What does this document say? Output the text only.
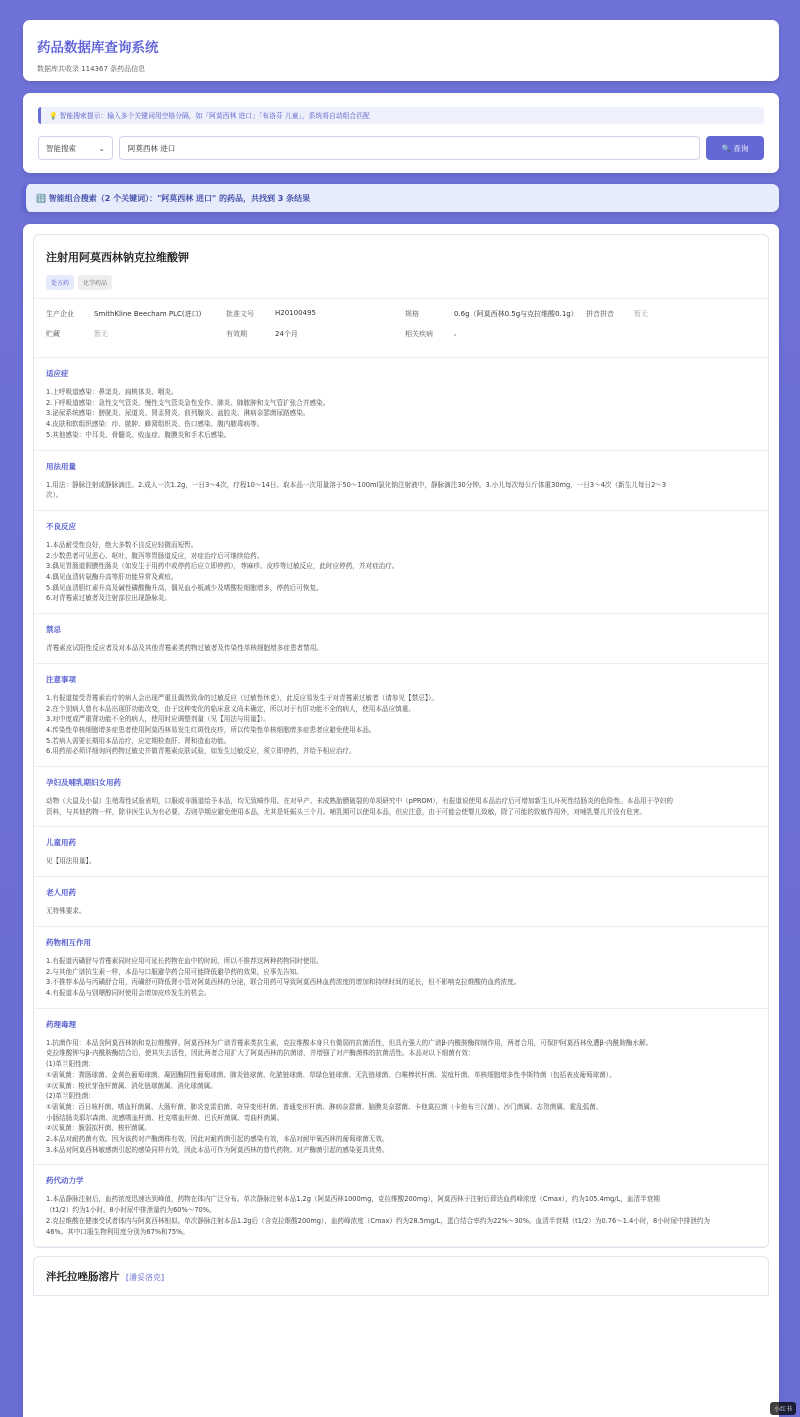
药品数据库查询系统
数据库共收录 114367 条药品信息
💡 智能搜索提示：输入多个关键词用空格分隔，如「阿莫西林 进口」「布洛芬 儿童」，系统将自动组合匹配
智能搜索	⌄	阿莫西林 进口	🔍 查询
🔢 智能组合搜索（2 个关键词）："阿莫西林 进口" 的药品，共找到 3 条结果
注射用阿莫西林钠克拉维酸钾
处方药	化学药品
生产企业	SmithKline Beecham PLC(进口)	批准文号	H20100495	规格	0.6g（阿莫西林0.5g与克拉维酸0.1g）	拼音拼音	暂无
贮藏	暂无	有效期	24个月	相关疾病	,
适应症
1.上呼吸道感染：鼻窦炎、扁桃体炎、咽炎。
2.下呼吸道感染：急性支气管炎、慢性支气管炎急性发作、肺炎、肺脓肿和支气管扩张合并感染。
3.泌尿系统感染：膀胱炎、尿道炎、肾盂肾炎、前列腺炎、盆腔炎、淋病奈瑟菌尿路感染。
4.皮肤和软组织感染：疖、脓肿、蜂窝组织炎、伤口感染、腹内脓毒病等。
5.其他感染：中耳炎、骨髓炎、败血症、腹膜炎和手术后感染。
用法用量
1.用法：静脉注射或静脉滴注。2.成人一次1.2g，一日3～4次，疗程10～14日。取本品一次用量溶于50～100ml氯化钠注射液中，静脉滴注30分钟。3.小儿每次每公斤体重30mg，一日3～4次（新生儿每日2～3
次）。
不良反应
1.本品耐受性良好，绝大多数不良反应轻微而短暂。
2.少数患者可见恶心、呕吐、腹泻等胃肠道反应，对症治疗后可继续给药。
3.偶见胃肠道假膜性肠炎（如发生于用药中或停药后应立即停药），荨麻疹、皮疹等过敏反应，此时应停药，并对症治疗。
4.偶见血清转氨酶升高等肝功能异常及黄疸。
5.偶见血清胆红素升高及碱性磷酸酶升高，偶见血小板减少及嗜酸粒细胞增多，停药后可恢复。
6.对青霉素过敏者及注射部位出现静脉炎。
禁忌
青霉素皮试阳性反应者及对本品及其他青霉素类药物过敏者及传染性单核细胞增多症患者禁用。
注意事项
1.有报道接受青霉素治疗的病人会出现严重且偶然致命的过敏反应（过敏性休克），此反应易发生于对青霉素过敏者（请参见【禁忌】）。
2.在个别病人曾有本品出现肝功能改变，由于这种变化的临床意义尚未确定，所以对于有肝功能不全的病人，使用本品应慎重。
3.对中度或严重肾功能不全的病人，使用时应调整剂量（见【用法与用量】）。
4.传染性单核细胞增多症患者使用阿莫西林易发生红斑性皮疹，所以传染性单核细胞增多症患者应避免使用本品。
5.若病人需要长期用本品治疗，应定期检查肝、肾和造血功能。
6.用药前必须详细询问药物过敏史并做青霉素皮肤试验，如发生过敏反应，须立即停药，并给予相应治疗。
孕妇及哺乳期妇女用药
动物（大鼠及小鼠）生殖毒性试验表明，口服或非肠道给予本品，均无致畸作用。在对早产、未成熟胎膜破裂的单项研究中（pPROM），有报道说使用本品治疗后可增加新生儿坏死性结肠炎的危险性。本品用于孕妇的
资料，与其他药物一样，除非医生认为有必要，否则孕期应避免使用本品，尤其是妊娠头三个月。哺乳期可以使用本品，但应注意，由于可能会使婴儿致敏，除了可能的致敏作用外，对哺乳婴儿并没有危害。
儿童用药
见【用法用量】。
老人用药
无特殊要求。
药物相互作用
1.有报道丙磺舒与青霉素同时应用可延长药物在血中的时间，所以不推荐这两种药物同时使用。
2.与其他广谱抗生素一样，本品与口服避孕药合用可能降低避孕药的效果，应事先告知。
3.不推荐本品与丙磺舒合用，丙磺舒可降低肾小管对阿莫西林的分泌，联合用药可导致阿莫西林血药浓度的增加和持续时间的延长，但不影响克拉维酸的血药浓度。
4.有报道本品与别嘌醇同时使用会增加皮疹发生的机会。
药理毒理
1.抗菌作用：本品含阿莫西林钠和克拉维酸钾。阿莫西林为广谱青霉素类抗生素，克拉维酸本身只有微弱的抗菌活性，但具有强大的广谱β-内酰胺酶抑制作用，两者合用，可保护阿莫西林免遭β-内酰胺酶水解。
克拉维酸钾与β-内酰胺酶结合后，使其失去活性，因此两者合用扩大了阿莫西林的抗菌谱，并增强了对产酶菌株的抗菌活性。本品对以下细菌有效：
(1)革兰阳性菌：
①需氧菌：粪肠球菌、金黄色葡萄球菌、凝固酶阴性葡萄球菌、肺炎链球菌、化脓链球菌、草绿色链球菌、无乳链球菌、白喉棒状杆菌、炭疽杆菌、单核细胞增多性李斯特菌（包括表皮葡萄球菌）。
②厌氧菌：梭状芽孢杆菌属、消化链球菌属、消化球菌属。
(2)革兰阴性菌：
①需氧菌：百日咳杆菌、嗜血杆菌属、大肠杆菌、肺炎克雷伯菌、奇异变形杆菌、普通变形杆菌、淋病奈瑟菌、脑膜炎奈瑟菌、卡他莫拉菌（卡他布兰汉菌）、沙门菌属、志贺菌属、霍乱弧菌、
小肠结肠炎耶尔森菌、流感嗜血杆菌、杜克嗜血杆菌、巴氏杆菌属、弯曲杆菌属。
②厌氧菌：脆弱拟杆菌、梭杆菌属。
2.本品对耐药菌有效。因为该药对产酶菌株有效，因此对耐药菌引起的感染有效，本品对耐甲氧西林的葡萄球菌无效。
3.本品对阿莫西林敏感菌引起的感染同样有效，因此本品可作为阿莫西林的替代药物。对产酶菌引起的感染更具优势。
药代动力学
1.本品静脉注射后，血药浓度迅速达到峰值，药物在体内广泛分布。单次静脉注射本品1.2g（阿莫西林1000mg，克拉维酸200mg），阿莫西林于注射后即达血药峰浓度（Cmax），约为105.4mg/L，血清半衰期
（t1/2）约为1小时。8小时尿中排泄量约为60%～70%。
2.克拉维酸在健康受试者体内与阿莫西林相似。单次静脉注射本品1.2g后（含克拉维酸200mg），血药峰浓度（Cmax）约为28.5mg/L，蛋白结合率约为22%～30%。血清半衰期（t1/2）为0.76～1.4小时，8小时尿中排泄约为
46%。其中口服生物利用度分别为67%和75%。
泮托拉唑肠溶片 [潘妥洛克]
小红书
